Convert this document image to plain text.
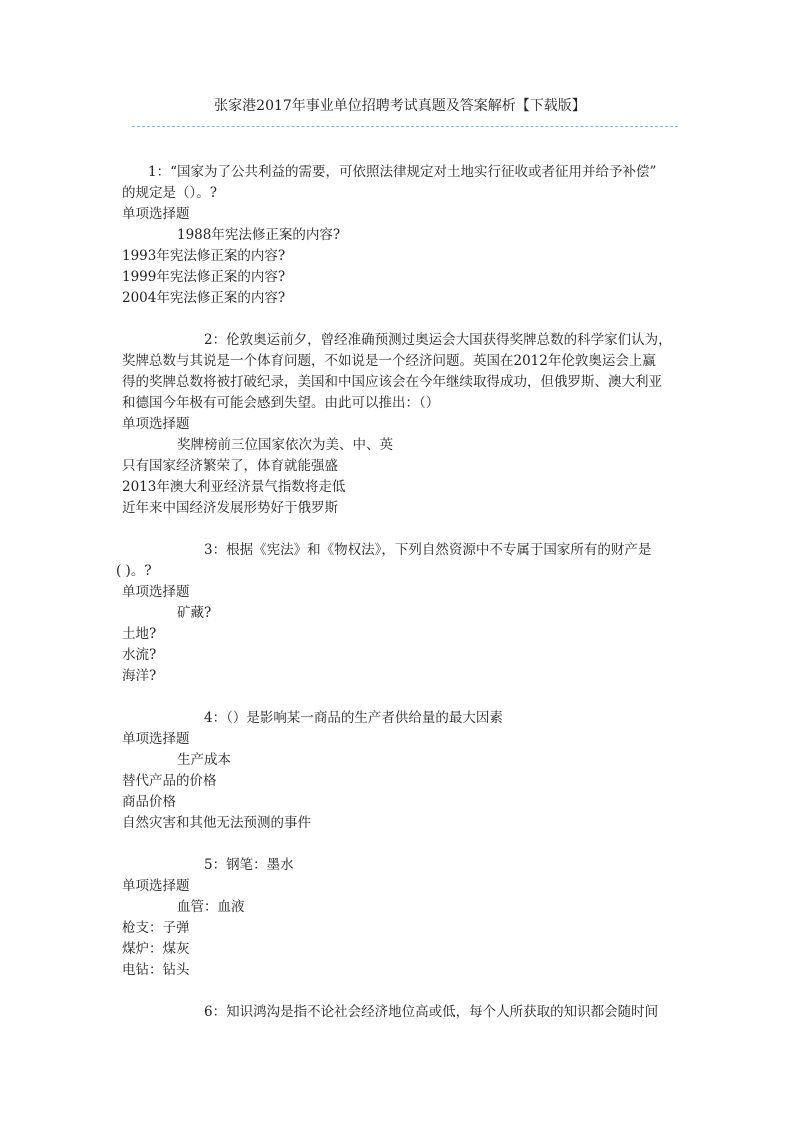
张家港2017年事业单位招聘考试真题及答案解析【下载版】
1：“国家为了公共利益的需要，可依照法律规定对土地实行征收或者征用并给予补偿”
的规定是（）。?
单项选择题
1988年宪法修正案的内容?
1993年宪法修正案的内容?
1999年宪法修正案的内容?
2004年宪法修正案的内容?
2：伦敦奥运前夕，曾经准确预测过奥运会大国获得奖牌总数的科学家们认为，
奖牌总数与其说是一个体育问题，不如说是一个经济问题。英国在2012年伦敦奥运会上赢
得的奖牌总数将被打破纪录，美国和中国应该会在今年继续取得成功，但俄罗斯、澳大利亚
和德国今年极有可能会感到失望。由此可以推出：（）
单项选择题
奖牌榜前三位国家依次为美、中、英
只有国家经济繁荣了，体育就能强盛
2013年澳大利亚经济景气指数将走低
近年来中国经济发展形势好于俄罗斯
3：根据《宪法》和《物权法》，下列自然资源中不专属于国家所有的财产是
( )。?
单项选择题
矿藏?
土地?
水流?
海洋?
4：（）是影响某一商品的生产者供给量的最大因素
单项选择题
生产成本
替代产品的价格
商品价格
自然灾害和其他无法预测的事件
5：钢笔：墨水
单项选择题
血管：血液
枪支：子弹
煤炉：煤灰
电钻：钻头
6：知识鸿沟是指不论社会经济地位高或低，每个人所获取的知识都会随时间
